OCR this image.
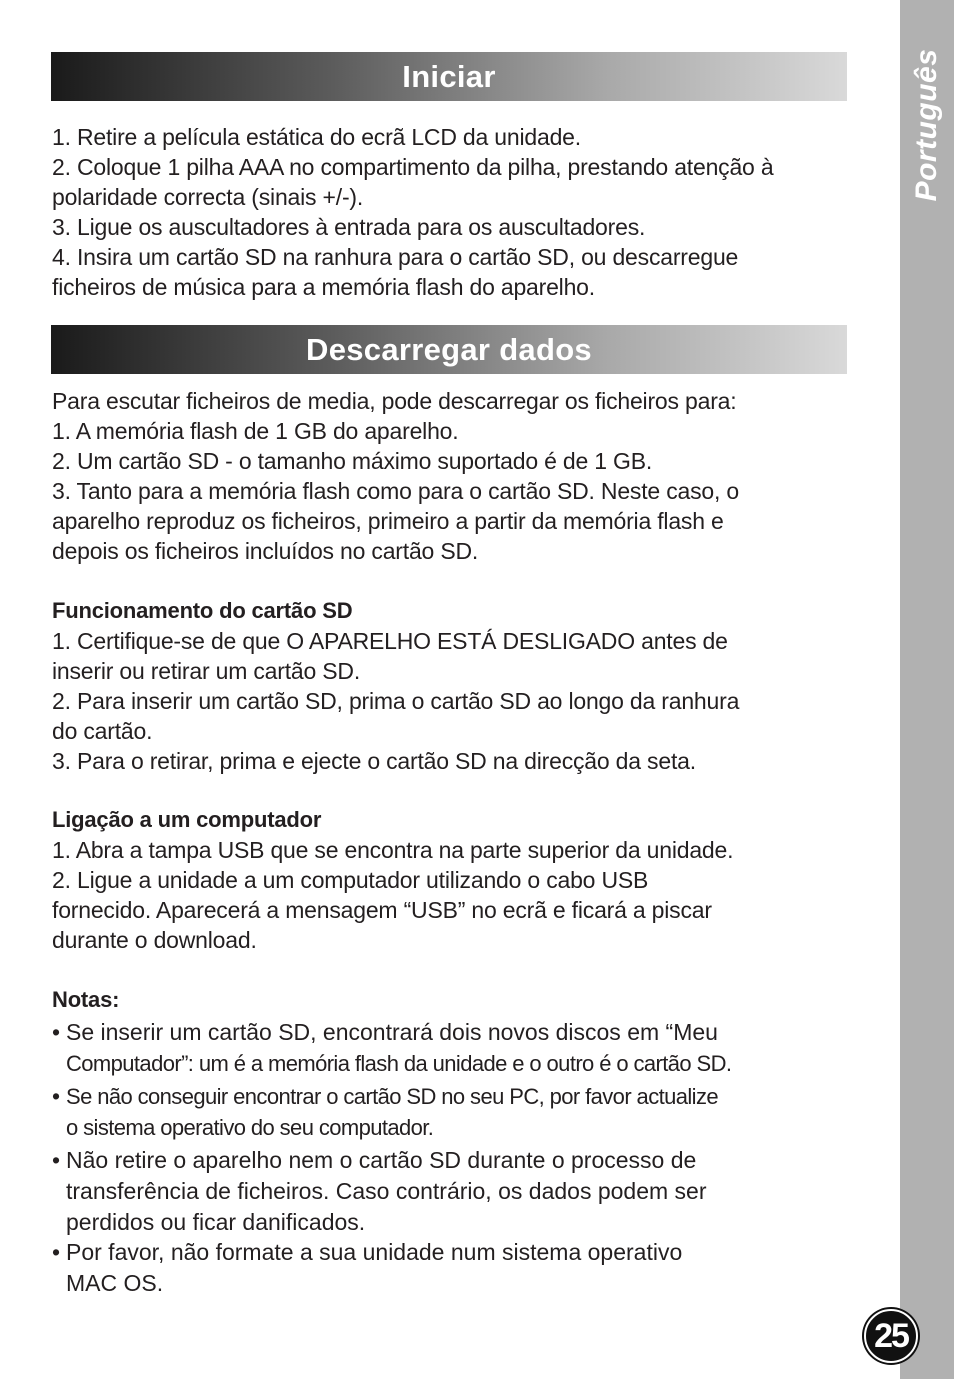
Português
25
Iniciar

1. Retire a película estática do ecrã LCD da unidade.

2. Coloque 1 pilha AAA no compartimento da pilha, prestando atenção à

polaridade correcta (sinais +/-).

3. Ligue os auscultadores à entrada para os auscultadores.

4. Insira um cartão SD na ranhura para o cartão SD, ou descarregue

ficheiros de música para a memória flash do aparelho.

Descarregar dados

Para escutar ficheiros de media, pode descarregar os ficheiros para:

1. A memória flash de 1 GB do aparelho.

2. Um cartão SD - o tamanho máximo suportado é de 1 GB.

3. Tanto para a memória flash como para o cartão SD. Neste caso, o

aparelho reproduz os ficheiros, primeiro a partir da memória flash e

depois os ficheiros incluídos no cartão SD.

Funcionamento do cartão SD

1. Certifique-se de que O APARELHO ESTÁ DESLIGADO antes de

inserir ou retirar um cartão SD.

2. Para inserir um cartão SD, prima o cartão SD ao longo da ranhura

do cartão.

3. Para o retirar, prima e ejecte o cartão SD na direcção da seta.

Ligação a um computador

1. Abra a tampa USB que se encontra na parte superior da unidade.

2. Ligue a unidade a um computador utilizando o cabo USB

fornecido. Aparecerá a mensagem “USB” no ecrã e ficará a piscar

durante o download.

Notas:

• Se inserir um cartão SD, encontrará dois novos discos em “Meu
Computador”: um é a memória flash da unidade e o outro é o cartão SD.
• Se não conseguir encontrar o cartão SD no seu PC, por favor actualize
o sistema operativo do seu computador.
• Não retire o aparelho nem o cartão SD durante o processo de
transferência de ficheiros. Caso contrário, os dados podem ser
perdidos ou ficar danificados.
• Por favor, não formate a sua unidade num sistema operativo
MAC OS.
